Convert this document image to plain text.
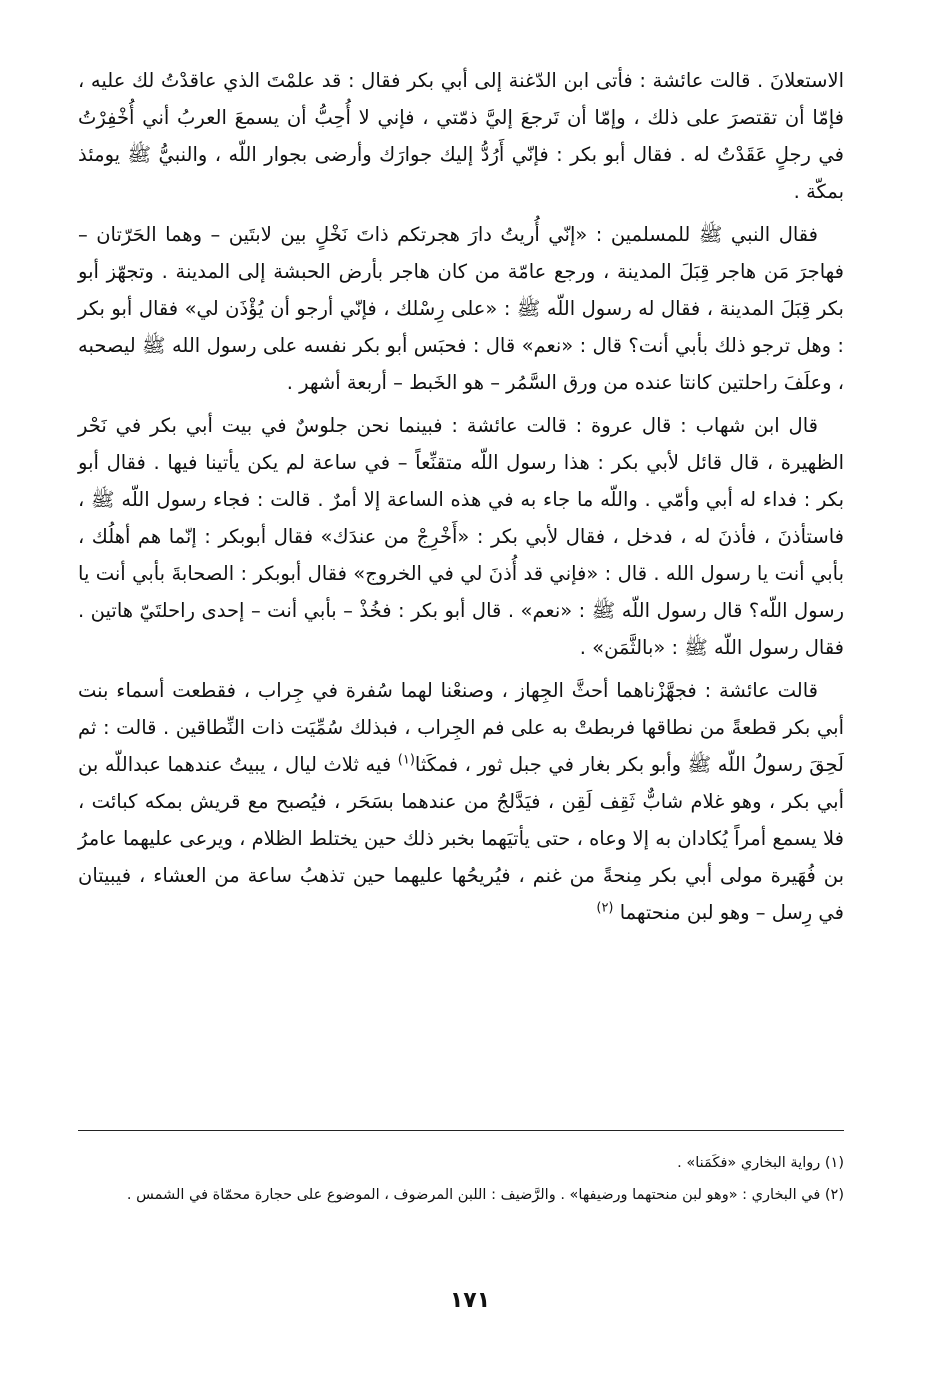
الاستعلانَ . قالت عائشة : فأتى ابن الدّغنة إلى أبي بكر فقال : قد علمْتَ الذي عاقدْتُ لك عليه ، فإمّا أن تقتصرَ على ذلك ، وإمّا أن تَرجعَ إليَّ ذمّتي ، فإني لا أُحِبُّ أن يسمعَ العربُ أني أُخْفِرْتُ في رجلٍ عَقَدْتُ له . فقال أبو بكر : فإنّي أَرُدُّ إليك جوارَك وأرضى بجوار اللّه ، والنبيُّ ﷺ يومئذ بمكّة .

فقال النبي ﷺ للمسلمين : «إنّي أُريتُ دارَ هجرتكم ذاتَ نَخْلٍ بين لابتَين – وهما الحَرّتان – فهاجرَ مَن هاجر قِبَلَ المدينة ، ورجع عامّة من كان هاجر بأرض الحبشة إلى المدينة . وتجهّز أبو بكر قِبَلَ المدينة ، فقال له رسول اللّه ﷺ : «على رِسْلك ، فإنّي أرجو أن يُؤْذَن لي» فقال أبو بكر : وهل ترجو ذلك بأبي أنت؟ قال : «نعم» قال : فحبَس أبو بكر نفسه على رسول الله ﷺ ليصحبه ، وعلَفَ راحلتين كانتا عنده من ورق السَّمُر – هو الخَبط – أربعة أشهر .

قال ابن شهاب : قال عروة : قالت عائشة : فبينما نحن جلوسٌ في بيت أبي بكر في نَحْر الظهيرة ، قال قائل لأبي بكر : هذا رسول اللّه متقنِّعاً – في ساعة لم يكن يأتينا فيها . فقال أبو بكر : فداء له أبي وأمّي . واللّه ما جاء به في هذه الساعة إلا أمرٌ . قالت : فجاء رسول اللّه ﷺ ، فاستأذنَ ، فأذنَ له ، فدخل ، فقال لأبي بكر : «أَخْرِجْ من عندَك» فقال أبوبكر : إنّما هم أهلُك ، بأبي أنت يا رسول الله . قال : «فإني قد أُذنَ لي في الخروج» فقال أبوبكر : الصحابةَ بأبي أنت يا رسول اللّه؟ قال رسول اللّه ﷺ : «نعم» . قال أبو بكر : فخُذْ – بأبي أنت – إحدى راحلتَيّ هاتين . فقال رسول اللّه ﷺ : «بالثَّمَن» .

قالت عائشة : فجهَّزْناهما أحثَّ الجِهاز ، وصنعْنا لهما سُفرة في جِراب ، فقطعت أسماء بنت أبي بكر قطعةً من نطاقها فربطتْ به على فم الجِراب ، فبذلك سُمِّيَت ذات النِّطاقين . قالت : ثم لَحِقَ رسولُ اللّه ﷺ وأبو بكر بغار في جبل ثور ، فمكَثا$^{(١)}$ فيه ثلاث ليال ، يبيتُ عندهما عبداللّه بن أبي بكر ، وهو غلام شابٌّ ثَقِف لَقِن ، فيَدَّلجُ من عندهما بسَحَر ، فيُصبح مع قريش بمكه كبائت ، فلا يسمع أمراً يُكادان به إلا وعاه ، حتى يأتيَهما بخبر ذلك حين يختلط الظلام ، ويرعى عليهما عامرُ بن فُهَيرة مولى أبي بكر مِنحةً من غنم ، فيُريحُها عليهما حين تذهبُ ساعة من العشاء ، فيبيتان في رِسل – وهو لبن منحتهما $^{(٢)}$

(١) رواية البخاري «فكَمَنا» .

(٢) في البخاري : «وهو لبن منحتهما ورضيفها» . والرَّضيف : اللبن المرضوف ، الموضوع على حجارة محمّاة في الشمس .

١٧١
